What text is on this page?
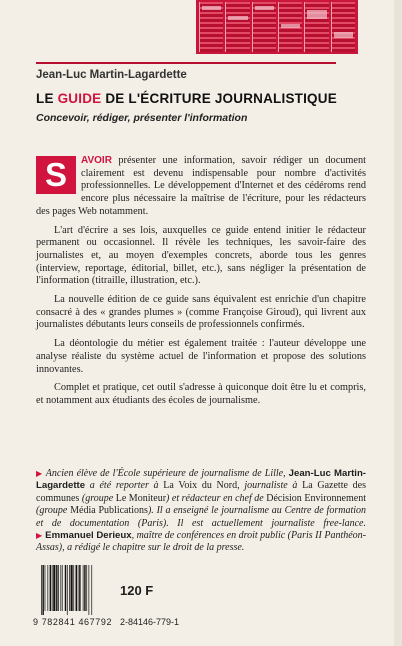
Jean-Luc Martin-Lagardette
LE GUIDE DE L'ÉCRITURE JOURNALISTIQUE
Concevoir, rédiger, présenter l'information

S	AVOIR présenter une information, savoir rédiger un document clairement est devenu indispensable pour nombre d'activités professionnelles. Le développement d'Internet et des cédéroms rend encore plus nécessaire la maîtrise de l'écriture, pour les rédacteurs des pages Web notamment.

L'art d'écrire a ses lois, auxquelles ce guide entend initier le rédacteur permanent ou occasionnel. Il révèle les techniques, les savoir-faire des journalistes et, au moyen d'exemples concrets, aborde tous les genres (interview, reportage, éditorial, billet, etc.), sans négliger la présentation de l'information (titraille, illustration, etc.).

La nouvelle édition de ce guide sans équivalent est enrichie d'un chapitre consacré à des « grandes plumes » (comme Françoise Giroud), qui livrent aux journalistes débutants leurs conseils de professionnels confirmés.

La déontologie du métier est également traitée : l'auteur développe une analyse réaliste du système actuel de l'information et propose des solutions innovantes.

Complet et pratique, cet outil s'adresse à quiconque doit être lu et compris, et notamment aux étudiants des écoles de journalisme.

▶ Ancien élève de l'École supérieure de journalisme de Lille, Jean-Luc Martin-Lagardette a été reporter à La Voix du Nord, journaliste à La Gazette des communes (groupe Le Moniteur) et rédacteur en chef de Décision Environnement (groupe Média Publications). Il a enseigné le journalisme au Centre de formation et de documentation (Paris). Il est actuellement journaliste free-lance. ▶ Emmanuel Derieux, maître de conférences en droit public (Paris II Panthéon-Assas), a rédigé le chapitre sur le droit de la presse.
9 782841 467792
120 F
2-84146-779-1
